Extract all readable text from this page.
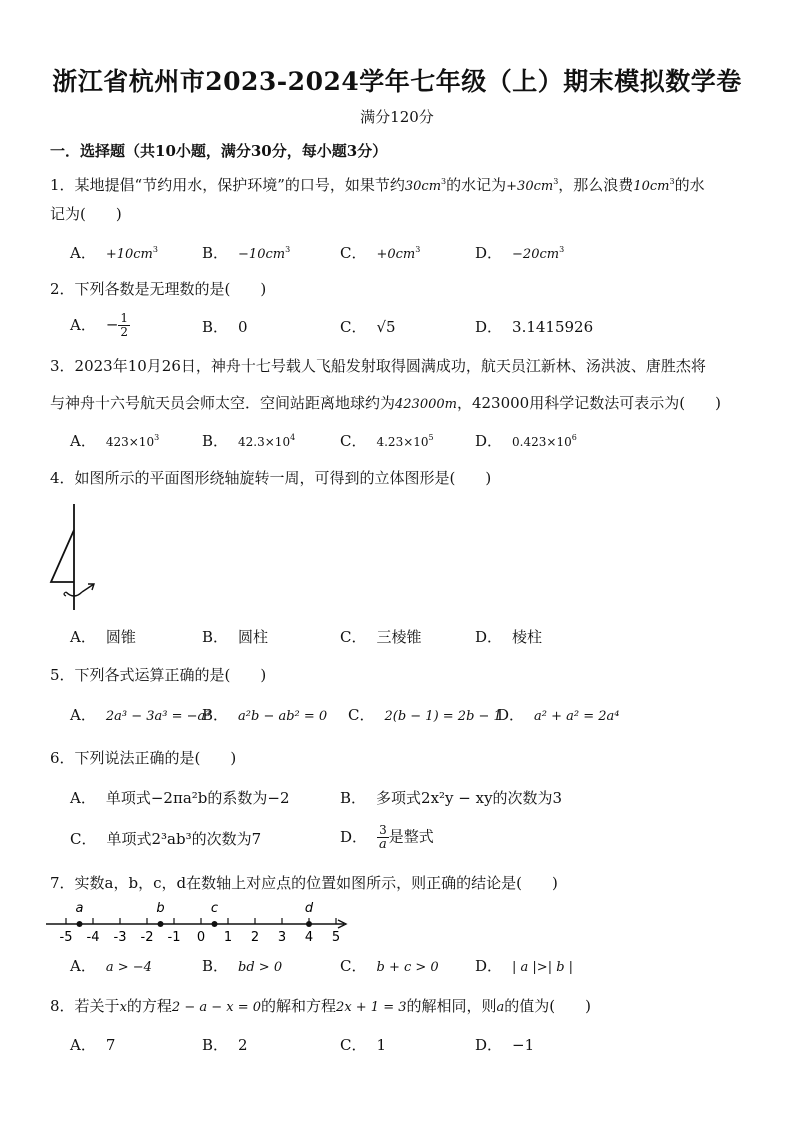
浙江省杭州市2023-2024学年七年级（上）期末模拟数学卷
满分120分
一．选择题（共10小题，满分30分，每小题3分）
1．某地提倡“节约用水，保护环境”的口号，如果节约$30cm^3$的水记为$+30cm^3$，那么浪费$10cm^3$的水
记为(　　)
A． $+10cm^3$	B． $-10cm^3$	C． $+0cm^3$	D． $-20cm^3$
2．下列各数是无理数的是(　　)
A． − $\frac{1}{2}$	B． 0	C． √5	D． 3.1415926
3．2023年10月26日，神舟十七号载人飞船发射取得圆满成功，航天员江新林、汤洪波、唐胜杰将
与神舟十六号航天员会师太空．空间站距离地球约为423000m，423000用科学记数法可表示为(　　)
A． $423\times 10^3$	B． $42.3\times 10^4$	C． $4.23\times 10^5$	D． $0.423\times 10^6$
4．如图所示的平面图形绕轴旋转一周，可得到的立体图形是(　　)
A． 圆锥	B． 圆柱	C． 三棱锥	D． 棱柱
5．下列各式运算正确的是(　　)
A． 2a³ − 3a³ = −a³
B． a²b − ab² = 0 C． 2(b − 1) = 2b − 1
D． a² + a² = 2a⁴
6．下列说法正确的是(　　)
A． 单项式−2πa²b的系数为−2	B． 多项式2x²y − xy的次数为3
C． 单项式2³ab³的次数为7	D． $\frac{3}{a}$ 是整式
7．实数a，b，c，d在数轴上对应点的位置如图所示，则正确的结论是(　　)
-5 -4 -3 -2 -1 0 1 2 3 4 5
a	b	c	d
A． a > −4	B． bd > 0	C． b + c > 0 D． | a |>| b |
8．若关于x的方程2 − a − x = 0的解和方程2x + 1 = 3的解相同，则a的值为(　　)
A． 7	B． 2	C． 1	D． −1
